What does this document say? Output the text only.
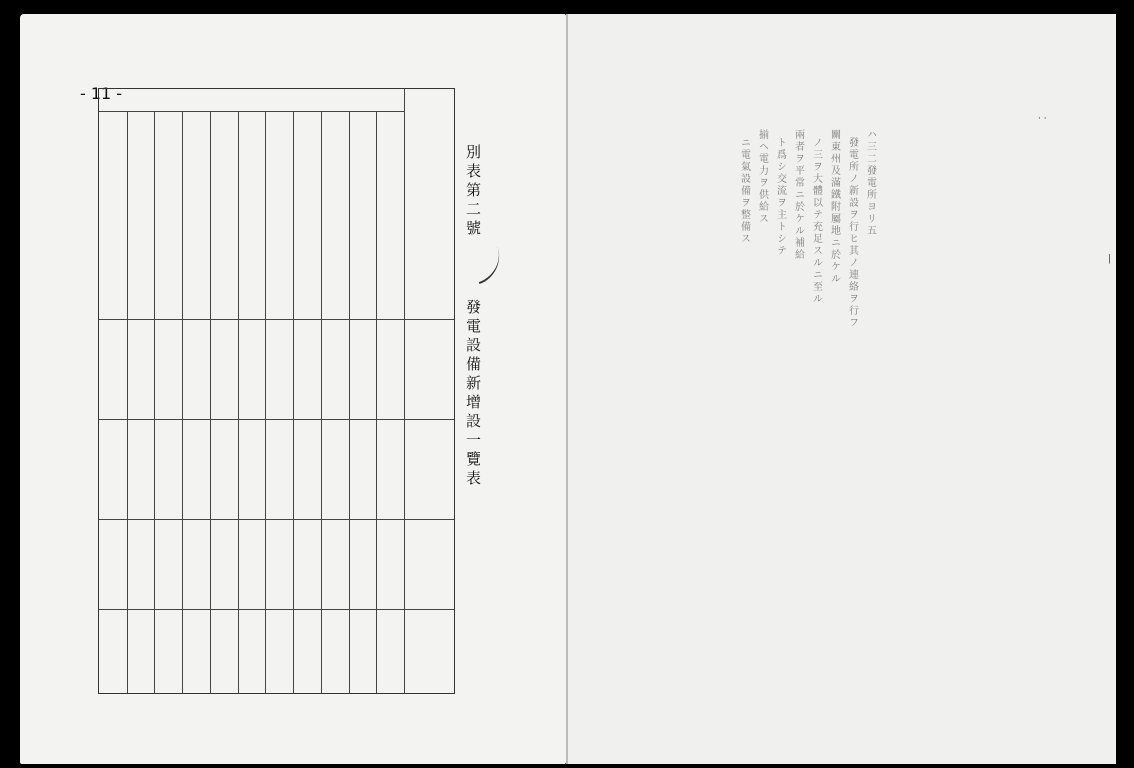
- 11 -
別表第二號
發電設備新增設一覽表
ハ三二發電所ヨリ五
發電所ノ新設ヲ行ヒ其ノ連絡ヲ行フ
關東州及滿鐵附屬地ニ於ケル
ノ三ヲ大體以テ充足スルニ至ル
兩者ヲ平常ニ於ケル補給
ト爲シ交流ヲ主トシテ
揃ヘ電力ヲ供給ス
ニ電氣設備ヲ整備ス
· ·
|
